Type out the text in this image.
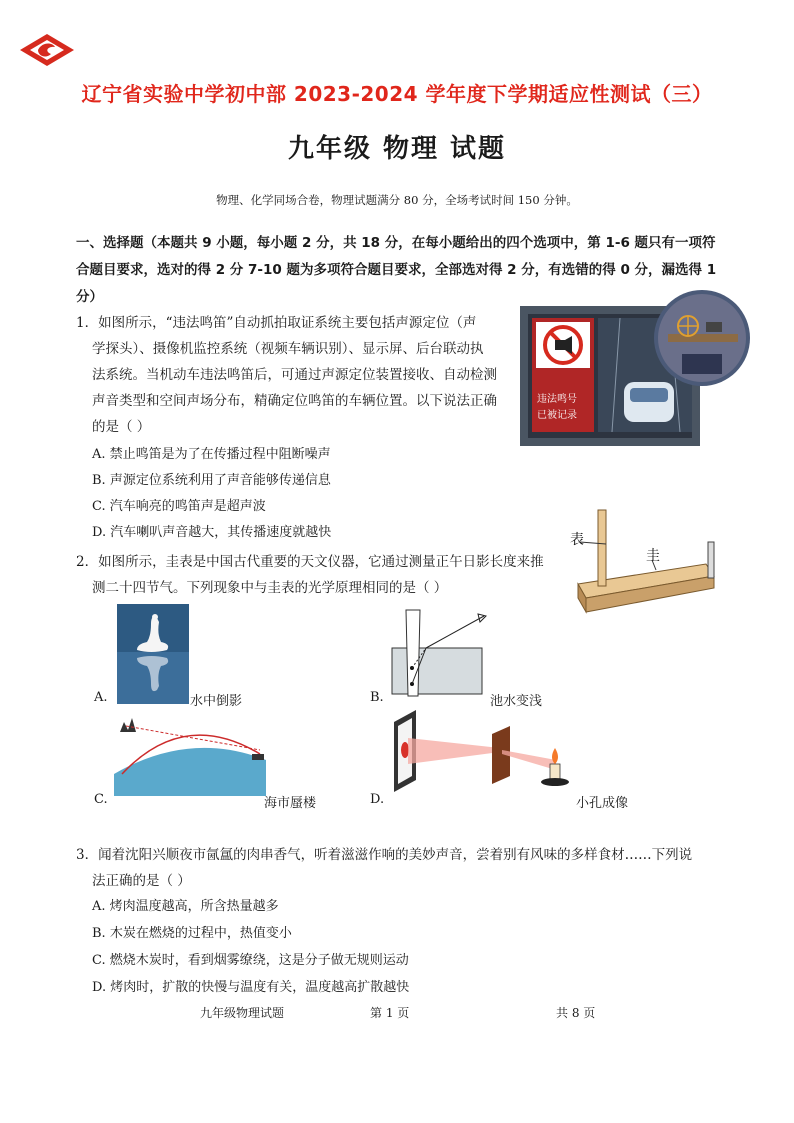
辽宁省实验中学初中部 2023-2024 学年度下学期适应性测试（三）
九年级 物理 试题
物理、化学同场合卷，物理试题满分 80 分，全场考试时间 150 分钟。
一、选择题（本题共 9 小题，每小题 2 分，共 18 分，在每小题给出的四个选项中，第 1-6 题只有一项符
合题目要求，选对的得 2 分 7-10 题为多项符合题目要求，全部选对得 2 分，有选错的得 0 分，漏选得 1
分）
1．如图所示，“违法鸣笛”自动抓拍取证系统主要包括声源定位（声
学探头）、摄像机监控系统（视频车辆识别）、显示屏、后台联动执
法系统。当机动车违法鸣笛后，可通过声源定位装置接收、自动检测
声音类型和空间声场分布，精确定位鸣笛的车辆位置。以下说法正确
的是（ ）
A. 禁止鸣笛是为了在传播过程中阻断噪声
B. 声源定位系统利用了声音能够传递信息
C. 汽车响亮的鸣笛声是超声波
D. 汽车喇叭声音越大，其传播速度就越快
违法鸣号
已被记录
2．如图所示，圭表是中国古代重要的天文仪器，它通过测量正午日影长度来推
测二十四节气。下列现象中与圭表的光学原理相同的是（ ）
表
圭
A.	水中倒影	B.	池水变浅
C.	海市蜃楼	D.	小孔成像
3．闻着沈阳兴顺夜市氤氲的肉串香气，听着滋滋作响的美妙声音，尝着别有风味的多样食材……下列说
法正确的是（ ）
A. 烤肉温度越高，所含热量越多
B. 木炭在燃烧的过程中，热值变小
C. 燃烧木炭时，看到烟雾缭绕，这是分子做无规则运动
D. 烤肉时，扩散的快慢与温度有关，温度越高扩散越快
九年级物理试题	第 1 页	共 8 页
